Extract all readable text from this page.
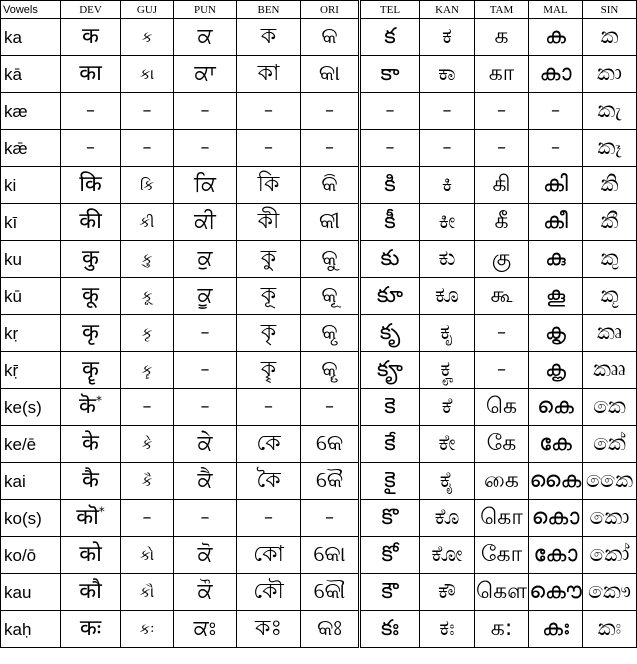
Vowels	DEV	GUJ	PUN	BEN	ORI	TEL	KAN	TAM	MAL	SIN
ka	क	ક	ਕ	ক	କ	క	ಕ	க	ക	ක
kā	का	કા	ਕਾ	কা	କା	కా	ಕಾ	கா	കാ	කා
kæ	–	–	–	–	–	–	–	–	–	කැ
kǣ	–	–	–	–	–	–	–	–	–	කෑ
ki	कि	કિ	ਕਿ	কি	କି	కి	ಕಿ	கி	കി	කි
kī	की	કી	ਕੀ	কী	କୀ	కీ	ಕೀ	கீ	കീ	කී
ku	कु	કુ	ਕੁ	কু	କୁ	కు	ಕು	கு	കു	කු
kū	कू	કૂ	ਕੂ	কূ	କୂ	కూ	ಕೂ	கூ	കൂ	කූ
kṛ	कृ	કૃ	–	কৃ	କୃ	కృ	ಕೃ	–	കൃ	කෘ
kṝ	कॄ	કૄ	–	কৄ	କୄ	కౄ	ಕೄ	–	കൄ	කෲ
ke(s)	कॆ*	–	–	–	–	కె	ಕೆ	கெ	കെ	කෙ
ke/ē	के	કે	ਕੇ	কে	କେ	కే	ಕೇ	கே	കേ	කේ
kai	कै	કૈ	ਕੈ	কৈ	କୈ	కై	ಕೈ	கை	കൈ	කෛ
ko(s)	कॊ*	–	–	–	–	కొ	ಕೊ	கொ	കൊ	කො
ko/ō	को	કો	ਕੋ	কো	କୋ	కో	ಕೋ	கோ	കോ	කෝ
kau	कौ	કૌ	ਕੌ	কৌ	କୌ	కౌ	ಕೌ	கௌ	കൌ	කෞ
kaḥ	कः	કઃ	ਕਃ	কঃ	କଃ	కః	ಕಃ	க꞉	കഃ	කඃ
